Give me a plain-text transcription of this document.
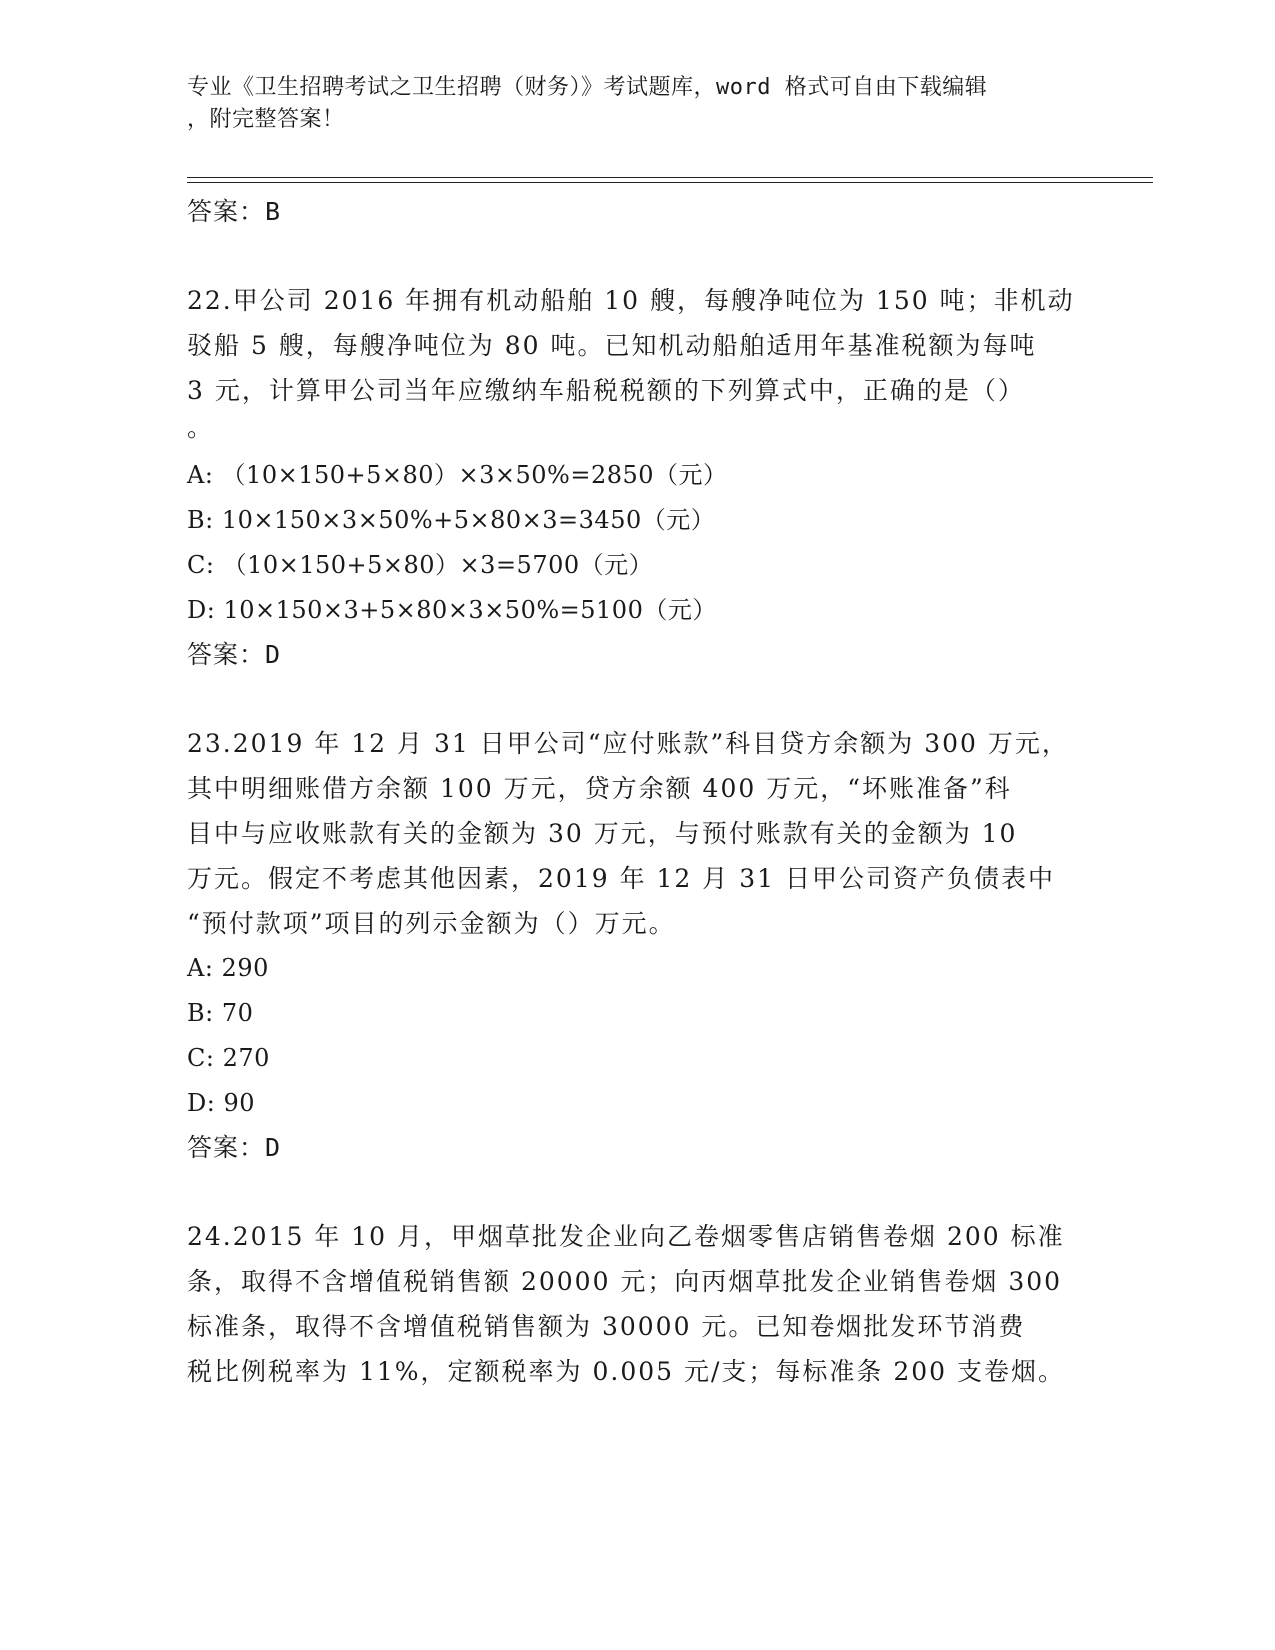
专业《卫生招聘考试之卫生招聘（财务）》考试题库，word 格式可自由下载编辑
，附完整答案！
答案：B
22.甲公司 2016 年拥有机动船舶 10 艘，每艘净吨位为 150 吨；非机动
驳船 5 艘，每艘净吨位为 80 吨。已知机动船舶适用年基准税额为每吨
3 元，计算甲公司当年应缴纳车船税税额的下列算式中，正确的是（）
。
A: （10×150+5×80）×3×50%=2850（元）
B: 10×150×3×50%+5×80×3=3450（元）
C: （10×150+5×80）×3=5700（元）
D: 10×150×3+5×80×3×50%=5100（元）
答案：D
23.2019 年 12 月 31 日甲公司“应付账款”科目贷方余额为 300 万元，
其中明细账借方余额 100 万元，贷方余额 400 万元，“坏账准备”科
目中与应收账款有关的金额为 30 万元，与预付账款有关的金额为 10
万元。假定不考虑其他因素，2019 年 12 月 31 日甲公司资产负债表中
“预付款项”项目的列示金额为（）万元。
A: 290
B: 70
C: 270
D: 90
答案：D
24.2015 年 10 月，甲烟草批发企业向乙卷烟零售店销售卷烟 200 标准
条，取得不含增值税销售额 20000 元；向丙烟草批发企业销售卷烟 300
标准条，取得不含增值税销售额为 30000 元。已知卷烟批发环节消费
税比例税率为 11%，定额税率为 0.005 元/支；每标准条 200 支卷烟。
